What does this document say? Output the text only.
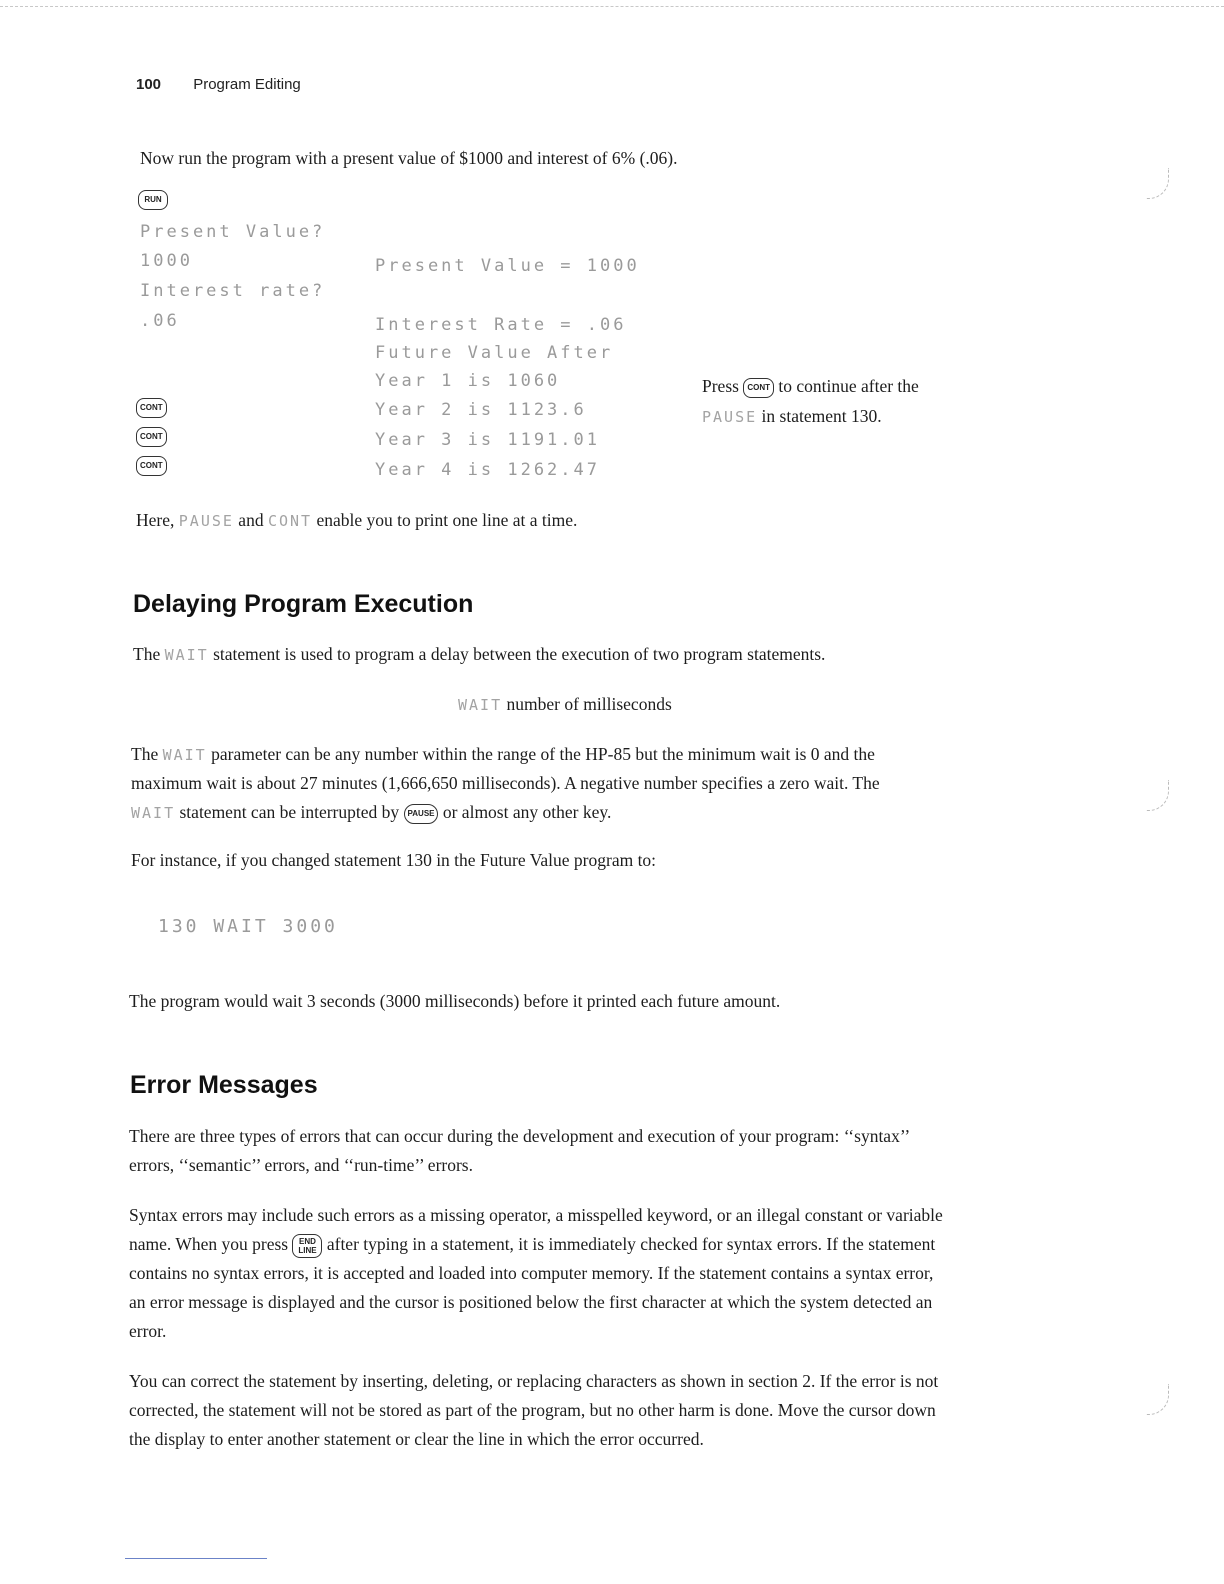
100 Program Editing
Now run the program with a present value of $1000 and interest of 6% (.06).
RUN
Present Value?
1000
Interest rate?
.06
Present Value = 1000
Interest Rate = .06
Future Value After
Year 1 is 1060
Year 2 is 1123.6
Year 3 is 1191.01
Year 4 is 1262.47
CONT
CONT
CONT
Press CONT to continue after the
PAUSE in statement 130.
Here, PAUSE and CONT enable you to print one line at a time.
Delaying Program Execution
The WAIT statement is used to program a delay between the execution of two program statements.
WAIT number of milliseconds
The WAIT parameter can be any number within the range of the HP-85 but the minimum wait is 0 and the
maximum wait is about 27 minutes (1,666,650 milliseconds). A negative number specifies a zero wait. The
WAIT statement can be interrupted by PAUSE or almost any other key.
For instance, if you changed statement 130 in the Future Value program to:
130 WAIT 3000
The program would wait 3 seconds (3000 milliseconds) before it printed each future amount.
Error Messages
There are three types of errors that can occur during the development and execution of your program: ‘‘syntax’’
errors, ‘‘semantic’’ errors, and ‘‘run-time’’ errors.
Syntax errors may include such errors as a missing operator, a misspelled keyword, or an illegal constant or variable
name. When you press END
LINE after typing in a statement, it is immediately checked for syntax errors. If the statement
contains no syntax errors, it is accepted and loaded into computer memory. If the statement contains a syntax error,
an error message is displayed and the cursor is positioned below the first character at which the system detected an
error.
You can correct the statement by inserting, deleting, or replacing characters as shown in section 2. If the error is not
corrected, the statement will not be stored as part of the program, but no other harm is done. Move the cursor down
the display to enter another statement or clear the line in which the error occurred.
